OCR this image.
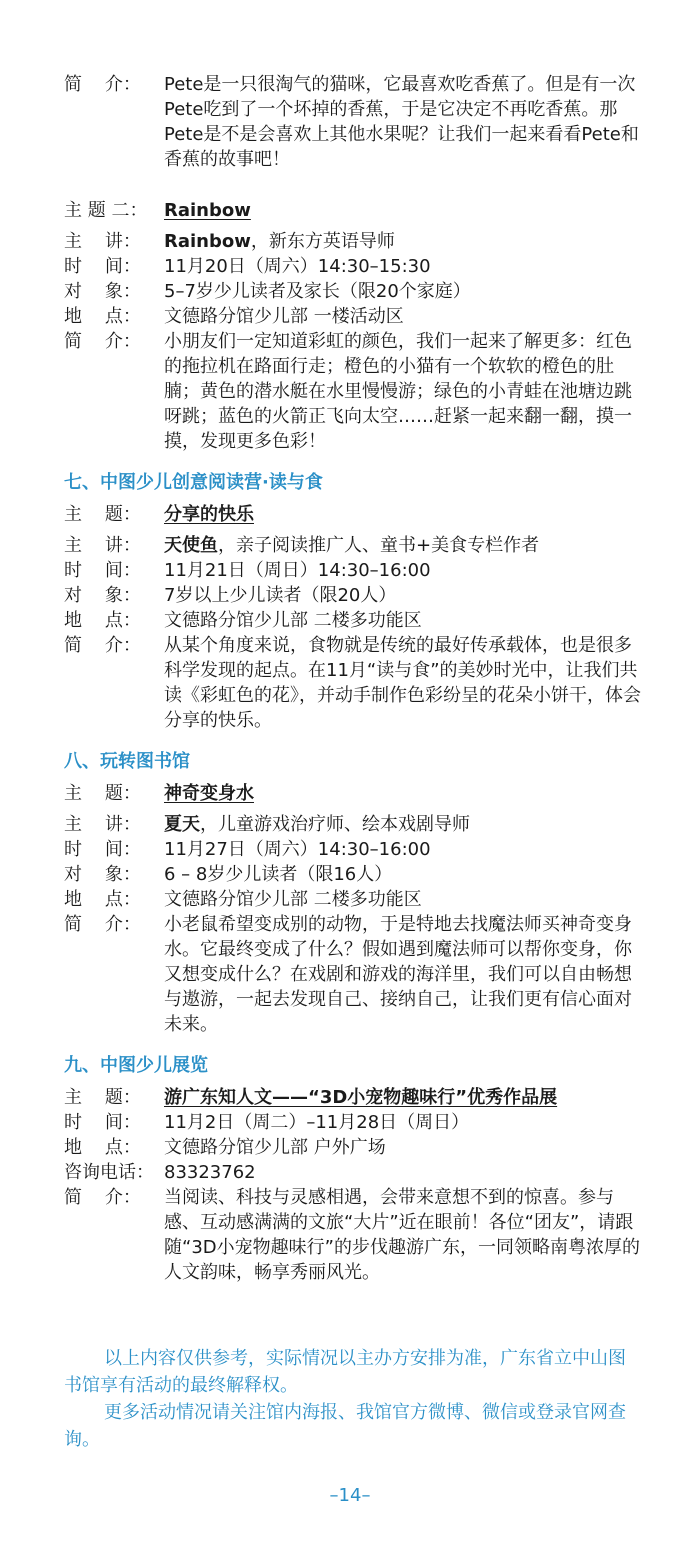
简    介：	Pete是一只很淘气的猫咪，它最喜欢吃香蕉了。但是有一次Pete吃到了一个坏掉的香蕉，于是它决定不再吃香蕉。那Pete是不是会喜欢上其他水果呢？让我们一起来看看Pete和香蕉的故事吧！
主 题 二： Rainbow
主    讲：	Rainbow，新东方英语导师
时    间：	11月20日（周六）14:30–15:30
对    象：	5–7岁少儿读者及家长（限20个家庭）
地    点：	文德路分馆少儿部 一楼活动区
简    介：	小朋友们一定知道彩虹的颜色，我们一起来了解更多：红色的拖拉机在路面行走；橙色的小猫有一个软软的橙色的肚腩；黄色的潜水艇在水里慢慢游；绿色的小青蛙在池塘边跳呀跳；蓝色的火箭正飞向太空……赶紧一起来翻一翻，摸一摸，发现更多色彩！
七、中图少儿创意阅读营·读与食
主    题：	分享的快乐
主    讲：	天使鱼，亲子阅读推广人、童书+美食专栏作者
时    间：	11月21日（周日）14:30–16:00
对    象：	7岁以上少儿读者（限20人）
地    点：	文德路分馆少儿部 二楼多功能区
简    介：	从某个角度来说，食物就是传统的最好传承载体，也是很多科学发现的起点。在11月“读与食”的美妙时光中，让我们共读《彩虹色的花》，并动手制作色彩纷呈的花朵小饼干，体会分享的快乐。
八、玩转图书馆
主    题：	神奇变身水
主    讲：	夏天，儿童游戏治疗师、绘本戏剧导师
时    间：	11月27日（周六）14:30–16:00
对    象：	6 – 8岁少儿读者（限16人）
地    点：	文德路分馆少儿部 二楼多功能区
简    介：	小老鼠希望变成别的动物，于是特地去找魔法师买神奇变身水。它最终变成了什么？假如遇到魔法师可以帮你变身，你又想变成什么？在戏剧和游戏的海洋里，我们可以自由畅想与遨游，一起去发现自己、接纳自己，让我们更有信心面对未来。
九、中图少儿展览
主    题：	游广东知人文——“3D小宠物趣味行”优秀作品展
时    间：	11月2日（周二）–11月28日（周日）
地    点：	文德路分馆少儿部 户外广场
咨询电话： 83323762
简    介：	当阅读、科技与灵感相遇，会带来意想不到的惊喜。参与感、互动感满满的文旅“大片”近在眼前！各位“团友”，请跟随“3D小宠物趣味行”的步伐趣游广东，一同领略南粤浓厚的人文韵味，畅享秀丽风光。

以上内容仅供参考，实际情况以主办方安排为准，广东省立中山图书馆享有活动的最终解释权。

更多活动情况请关注馆内海报、我馆官方微博、微信或登录官网查询。

–14–
